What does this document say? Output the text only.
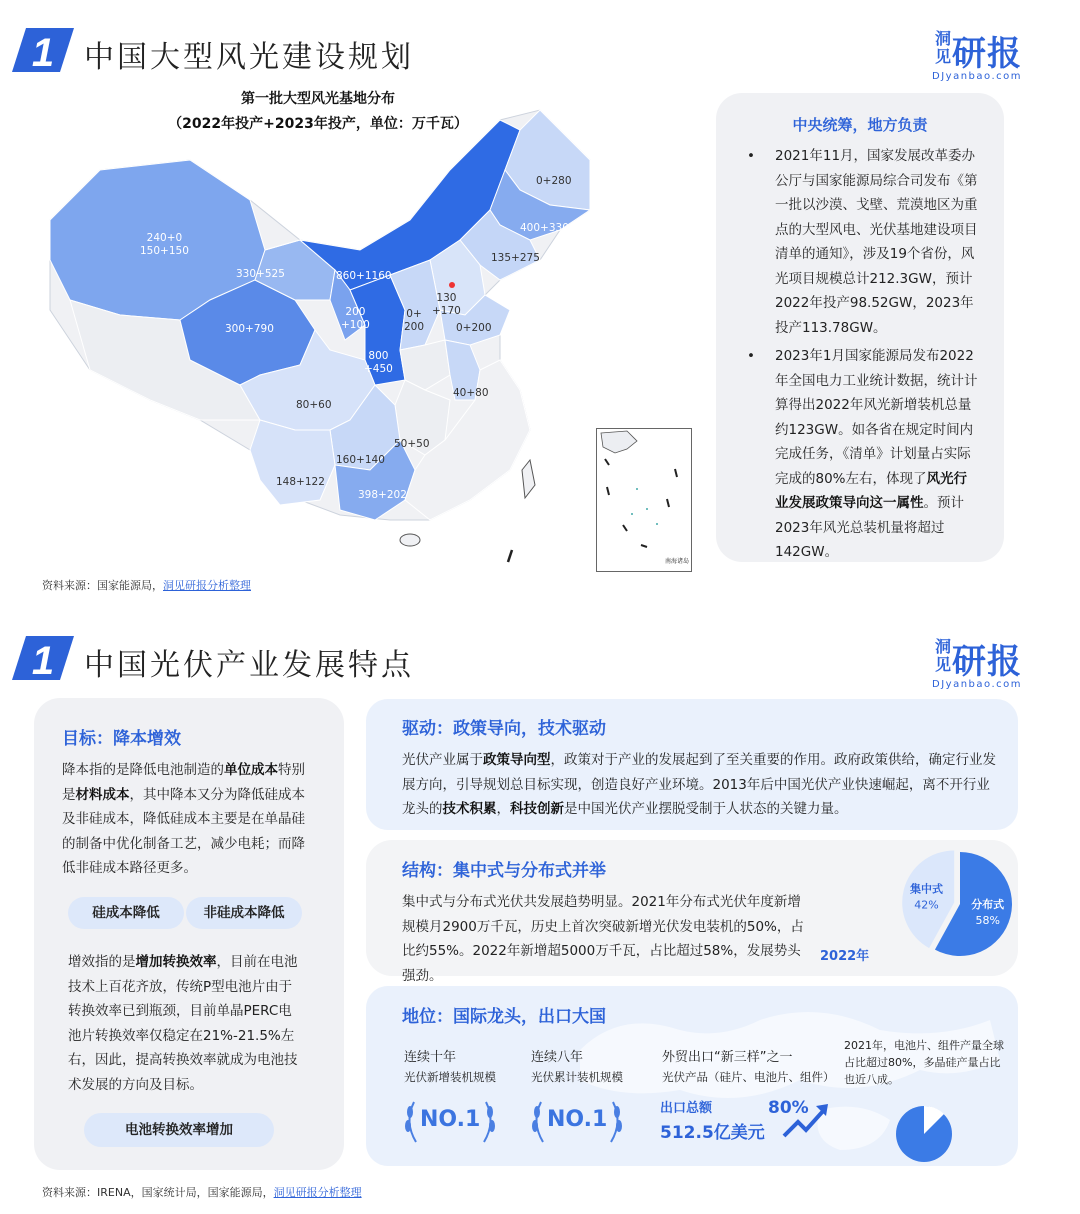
1 中国大型风光建设规划
洞见研报
DJyanbao.com
第一批大型风光基地分布
（2022年投产+2023年投产，单位：万千瓦）
240+0
150+150
330+525
300+790
860+1160
0+280
400+330
135+275
130
+170
200
+100
0+
200	0+200
800
+450
40+80
80+60
50+50
160+140
148+122
398+202
南海诸岛
资料来源：国家能源局，洞见研报分析整理
中央统筹，地方负责
• 2021年11月，国家发展改革委办公厅与国家能源局综合司发布《第一批以沙漠、戈壁、荒漠地区为重点的大型风电、光伏基地建设项目清单的通知》，涉及19个省份，风光项目规模总计212.3GW，预计2022年投产98.52GW，2023年投产113.78GW。
• 2023年1月国家能源局发布2022年全国电力工业统计数据，统计计算得出2022年风光新增装机总量约123GW。如各省在规定时间内完成任务，《清单》计划量占实际完成的80%左右，体现了风光行业发展政策导向这一属性。预计2023年风光总装机量将超过142GW。
1 中国光伏产业发展特点
洞见研报
DJyanbao.com
目标：降本增效
降本指的是降低电池制造的单位成本特别是材料成本，其中降本又分为降低硅成本及非硅成本，降低硅成本主要是在单晶硅的制备中优化制备工艺，减少电耗；而降低非硅成本路径更多。
硅成本降低	非硅成本降低
增效指的是增加转换效率，目前在电池技术上百花齐放，传统P型电池片由于转换效率已到瓶颈，目前单晶PERC电池片转换效率仅稳定在21%-21.5%左右，因此，提高转换效率就成为电池技术发展的方向及目标。
电池转换效率增加
驱动：政策导向，技术驱动
光伏产业属于政策导向型，政策对于产业的发展起到了至关重要的作用。政府政策供给，确定行业发展方向，引导规划总目标实现，创造良好产业环境。2013年后中国光伏产业快速崛起，离不开行业龙头的技术积累，科技创新是中国光伏产业摆脱受制于人状态的关键力量。
结构：集中式与分布式并举
集中式与分布式光伏共发展趋势明显。2021年分布式光伏年度新增规模月2900万千瓦，历史上首次突破新增光伏发电装机的50%，占比约55%。2022年新增超5000万千瓦，占比超过58%，发展势头强劲。
集中式
42%	分布式
58%
2022年
地位：国际龙头，出口大国
连续十年
光伏新增装机规模
NO.1
连续八年
光伏累计装机规模
NO.1
外贸出口“新三样”之一
光伏产品（硅片、电池片、组件）
出口总额
512.5亿美元
80%
2021年，电池片、组件产量全球占比超过80%，多晶硅产量占比也近八成。
资料来源：IRENA，国家统计局，国家能源局，洞见研报分析整理
